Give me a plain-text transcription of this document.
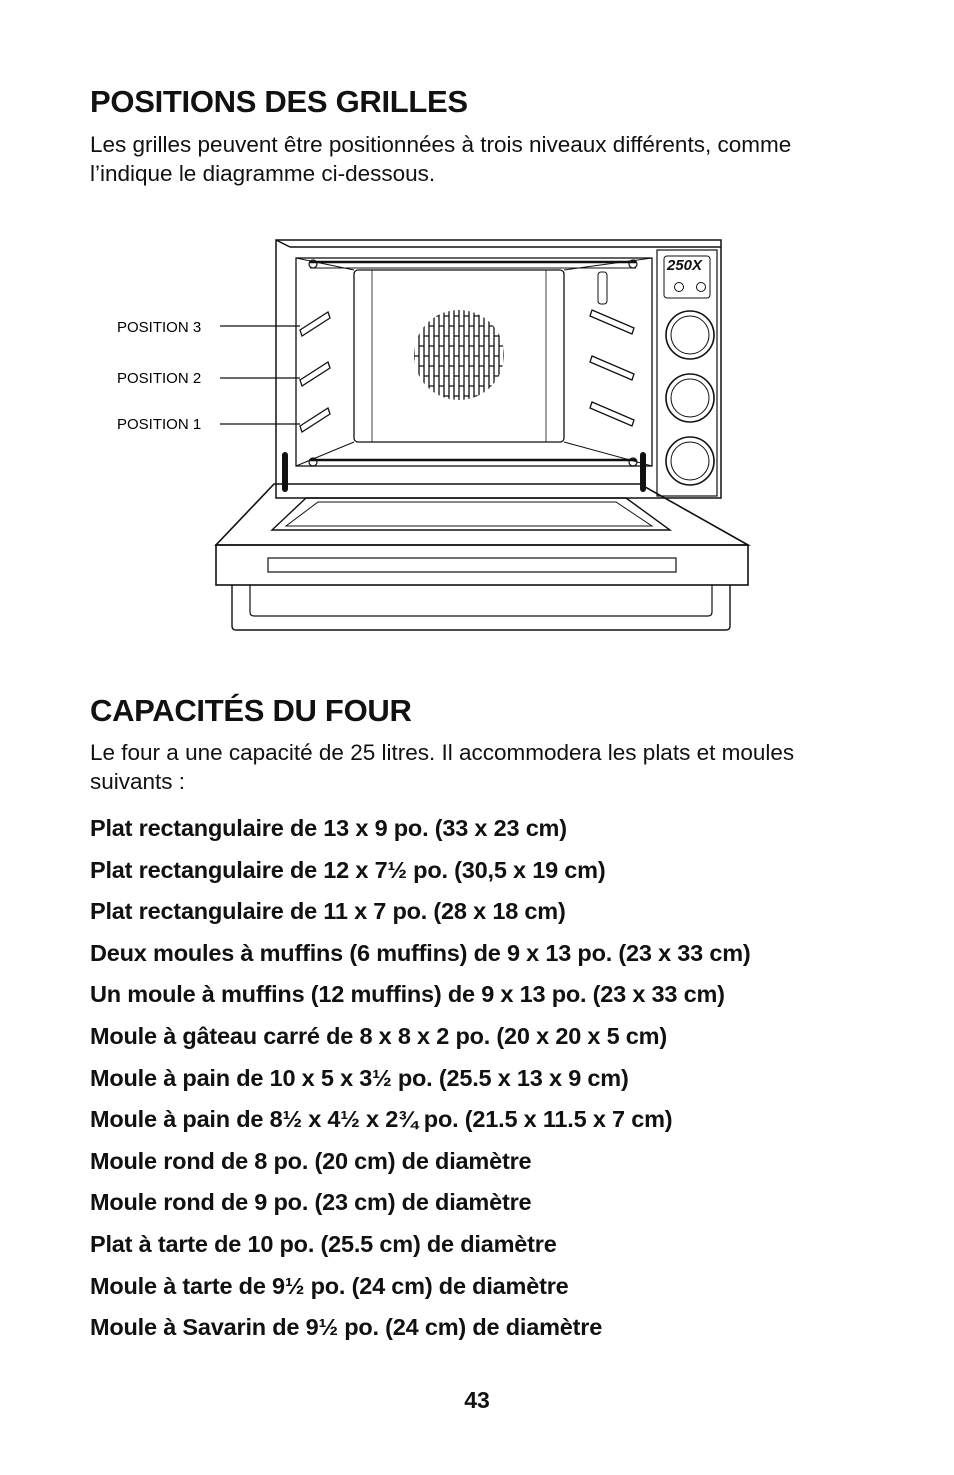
POSITIONS DES GRILLES

Les grilles peuvent être positionnées à trois niveaux différents, comme l’indique le diagramme ci-dessous.

250X
POSITION 3
POSITION 2
POSITION 1
CAPACITÉS DU FOUR

Le four a une capacité de 25 litres. Il accommodera les plats et moules suivants :

Plat rectangulaire de 13 x 9 po. (33 x 23 cm)
Plat rectangulaire de 12 x 7½ po. (30,5 x 19 cm)
Plat rectangulaire de 11 x 7 po. (28 x 18 cm)
Deux moules à muffins (6 muffins) de 9 x 13 po. (23 x 33 cm)
Un moule à muffins (12 muffins) de 9 x 13 po. (23 x 33 cm)
Moule à gâteau carré de 8 x 8 x 2 po. (20 x 20 x 5 cm)
Moule à pain de 10 x 5 x 3½ po. (25.5 x 13 x 9 cm)
Moule à pain de 8½ x 4½ x 2¾ po. (21.5 x 11.5 x 7 cm)
Moule rond de 8 po. (20 cm) de diamètre
Moule rond de 9 po. (23 cm) de diamètre
Plat à tarte de 10 po. (25.5 cm) de diamètre
Moule à tarte de 9½ po. (24 cm) de diamètre
Moule à Savarin de 9½ po. (24 cm) de diamètre
43
